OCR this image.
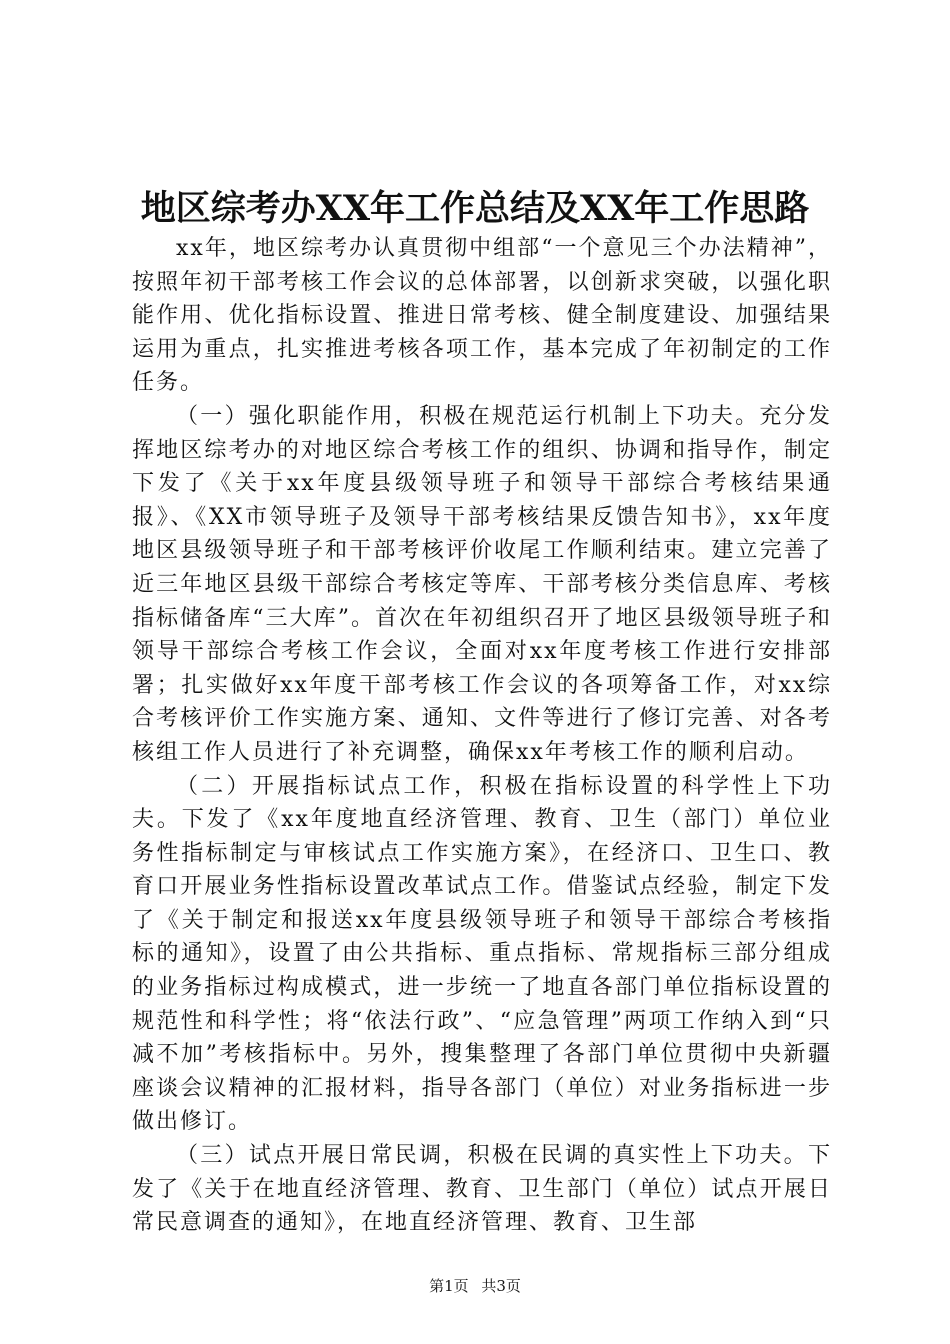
地区综考办XX年工作总结及XX年工作思路

xx年，地区综考办认真贯彻中组部“一个意见三个办法精神”，按照年初干部考核工作会议的总体部署，以创新求突破，以强化职能作用、优化指标设置、推进日常考核、健全制度建设、加强结果运用为重点，扎实推进考核各项工作，基本完成了年初制定的工作任务。

（一）强化职能作用，积极在规范运行机制上下功夫。充分发挥地区综考办的对地区综合考核工作的组织、协调和指导作，制定下发了《关于xx年度县级领导班子和领导干部综合考核结果通报》、《XX市领导班子及领导干部考核结果反馈告知书》，xx年度地区县级领导班子和干部考核评价收尾工作顺利结束。建立完善了近三年地区县级干部综合考核定等库、干部考核分类信息库、考核指标储备库“三大库”。首次在年初组织召开了地区县级领导班子和领导干部综合考核工作会议，全面对xx年度考核工作进行安排部署；扎实做好xx年度干部考核工作会议的各项筹备工作，对xx综合考核评价工作实施方案、通知、文件等进行了修订完善、对各考核组工作人员进行了补充调整，确保xx年考核工作的顺利启动。

（二）开展指标试点工作，积极在指标设置的科学性上下功夫。下发了《xx年度地直经济管理、教育、卫生（部门）单位业务性指标制定与审核试点工作实施方案》，在经济口、卫生口、教育口开展业务性指标设置改革试点工作。借鉴试点经验，制定下发了《关于制定和报送xx年度县级领导班子和领导干部综合考核指标的通知》，设置了由公共指标、重点指标、常规指标三部分组成的业务指标过构成模式，进一步统一了地直各部门单位指标设置的规范性和科学性；将“依法行政”、“应急管理”两项工作纳入到“只减不加”考核指标中。另外，搜集整理了各部门单位贯彻中央新疆座谈会议精神的汇报材料，指导各部门（单位）对业务指标进一步做出修订。

（三）试点开展日常民调，积极在民调的真实性上下功夫。下发了《关于在地直经济管理、教育、卫生部门（单位）试点开展日常民意调查的通知》，在地直经济管理、教育、卫生部

第1页 共3页
